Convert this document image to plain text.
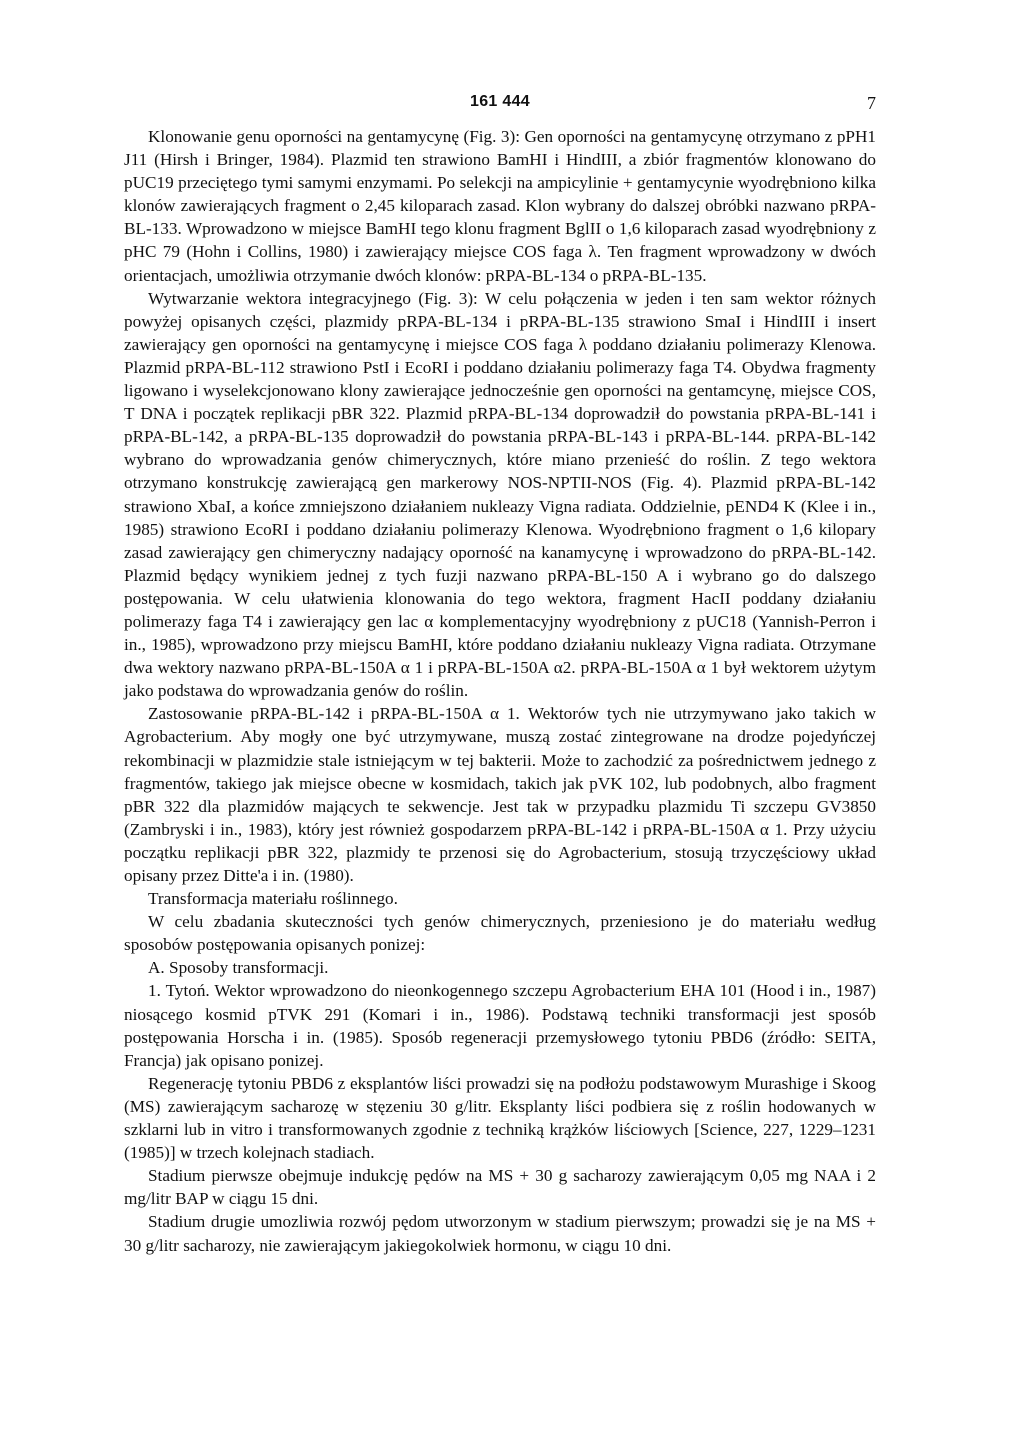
161 444	7

Klonowanie genu oporności na gentamycynę (Fig. 3): Gen oporności na gentamycynę otrzymano z pPH1 J11 (Hirsh i Bringer, 1984). Plazmid ten strawiono BamHI i HindIII, a zbiór fragmentów klonowano do pUC19 przeciętego tymi samymi enzymami. Po selekcji na ampicylinie + gentamycynie wyodrębniono kilka klonów zawierających fragment o 2,45 kiloparach zasad. Klon wybrany do dalszej obróbki nazwano pRPA-BL-133. Wprowadzono w miejsce BamHI tego klonu fragment BglII o 1,6 kiloparach zasad wyodrębniony z pHC 79 (Hohn i Collins, 1980) i zawierający miejsce COS faga λ. Ten fragment wprowadzony w dwóch orientacjach, umożliwia otrzymanie dwóch klonów: pRPA-BL-134 o pRPA-BL-135.

Wytwarzanie wektora integracyjnego (Fig. 3): W celu połączenia w jeden i ten sam wektor różnych powyżej opisanych części, plazmidy pRPA-BL-134 i pRPA-BL-135 strawiono SmaI i HindIII i insert zawierający gen oporności na gentamycynę i miejsce COS faga λ poddano działaniu polimerazy Klenowa. Plazmid pRPA-BL-112 strawiono PstI i EcoRI i poddano działaniu polimerazy faga T4. Obydwa fragmenty ligowano i wyselekcjonowano klony zawierające jednocześnie gen oporności na gentamcynę, miejsce COS, T DNA i początek replikacji pBR 322. Plazmid pRPA-BL-134 doprowadził do powstania pRPA-BL-141 i pRPA-BL-142, a pRPA-BL-135 doprowadził do powstania pRPA-BL-143 i pRPA-BL-144. pRPA-BL-142 wybrano do wprowadzania genów chimerycznych, które miano przenieść do roślin. Z tego wektora otrzymano konstrukcję zawierającą gen markerowy NOS-NPTII-NOS (Fig. 4). Plazmid pRPA-BL-142 strawiono XbaI, a końce zmniejszono działaniem nukleazy Vigna radiata. Oddzielnie, pEND4 K (Klee i in., 1985) strawiono EcoRI i poddano działaniu polimerazy Klenowa. Wyodrębniono fragment o 1,6 kilopary zasad zawierający gen chimeryczny nadający oporność na kanamycynę i wprowadzono do pRPA-BL-142. Plazmid będący wynikiem jednej z tych fuzji nazwano pRPA-BL-150 A i wybrano go do dalszego postępowania. W celu ułatwienia klonowania do tego wektora, fragment HacII poddany działaniu polimerazy faga T4 i zawierający gen lac α komplementacyjny wyodrębniony z pUC18 (Yannish-Perron i in., 1985), wprowadzono przy miejscu BamHI, które poddano działaniu nukleazy Vigna radiata. Otrzymane dwa wektory nazwano pRPA-BL-150A α 1 i pRPA-BL-150A α2. pRPA-BL-150A α 1 był wektorem użytym jako podstawa do wprowadzania genów do roślin.

Zastosowanie pRPA-BL-142 i pRPA-BL-150A α 1. Wektorów tych nie utrzymywano jako takich w Agrobacterium. Aby mogły one być utrzymywane, muszą zostać zintegrowane na drodze pojedyńczej rekombinacji w plazmidzie stale istniejącym w tej bakterii. Może to zachodzić za pośrednictwem jednego z fragmentów, takiego jak miejsce obecne w kosmidach, takich jak pVK 102, lub podobnych, albo fragment pBR 322 dla plazmidów mających te sekwencje. Jest tak w przypadku plazmidu Ti szczepu GV3850 (Zambryski i in., 1983), który jest również gospodarzem pRPA-BL-142 i pRPA-BL-150A α 1. Przy użyciu początku replikacji pBR 322, plazmidy te przenosi się do Agrobacterium, stosują trzyczęściowy układ opisany przez Ditte'a i in. (1980).

Transformacja materiału roślinnego.

W celu zbadania skuteczności tych genów chimerycznych, przeniesiono je do materiału według sposobów postępowania opisanych ponizej:

A. Sposoby transformacji.

1. Tytoń. Wektor wprowadzono do nieonkogennego szczepu Agrobacterium EHA 101 (Hood i in., 1987) niosącego kosmid pTVK 291 (Komari i in., 1986). Podstawą techniki transformacji jest sposób postępowania Horscha i in. (1985). Sposób regeneracji przemysłowego tytoniu PBD6 (źródło: SEITA, Francja) jak opisano ponizej.

Regenerację tytoniu PBD6 z eksplantów liści prowadzi się na podłożu podstawowym Murashige i Skoog (MS) zawierającym sacharozę w stęzeniu 30 g/litr. Eksplanty liści podbiera się z roślin hodowanych w szklarni lub in vitro i transformowanych zgodnie z techniką krążków liściowych [Science, 227, 1229–1231 (1985)] w trzech kolejnach stadiach.

Stadium pierwsze obejmuje indukcję pędów na MS + 30 g sacharozy zawierającym 0,05 mg NAA i 2 mg/litr BAP w ciągu 15 dni.

Stadium drugie umozliwia rozwój pędom utworzonym w stadium pierwszym; prowadzi się je na MS + 30 g/litr sacharozy, nie zawierającym jakiegokolwiek hormonu, w ciągu 10 dni.
